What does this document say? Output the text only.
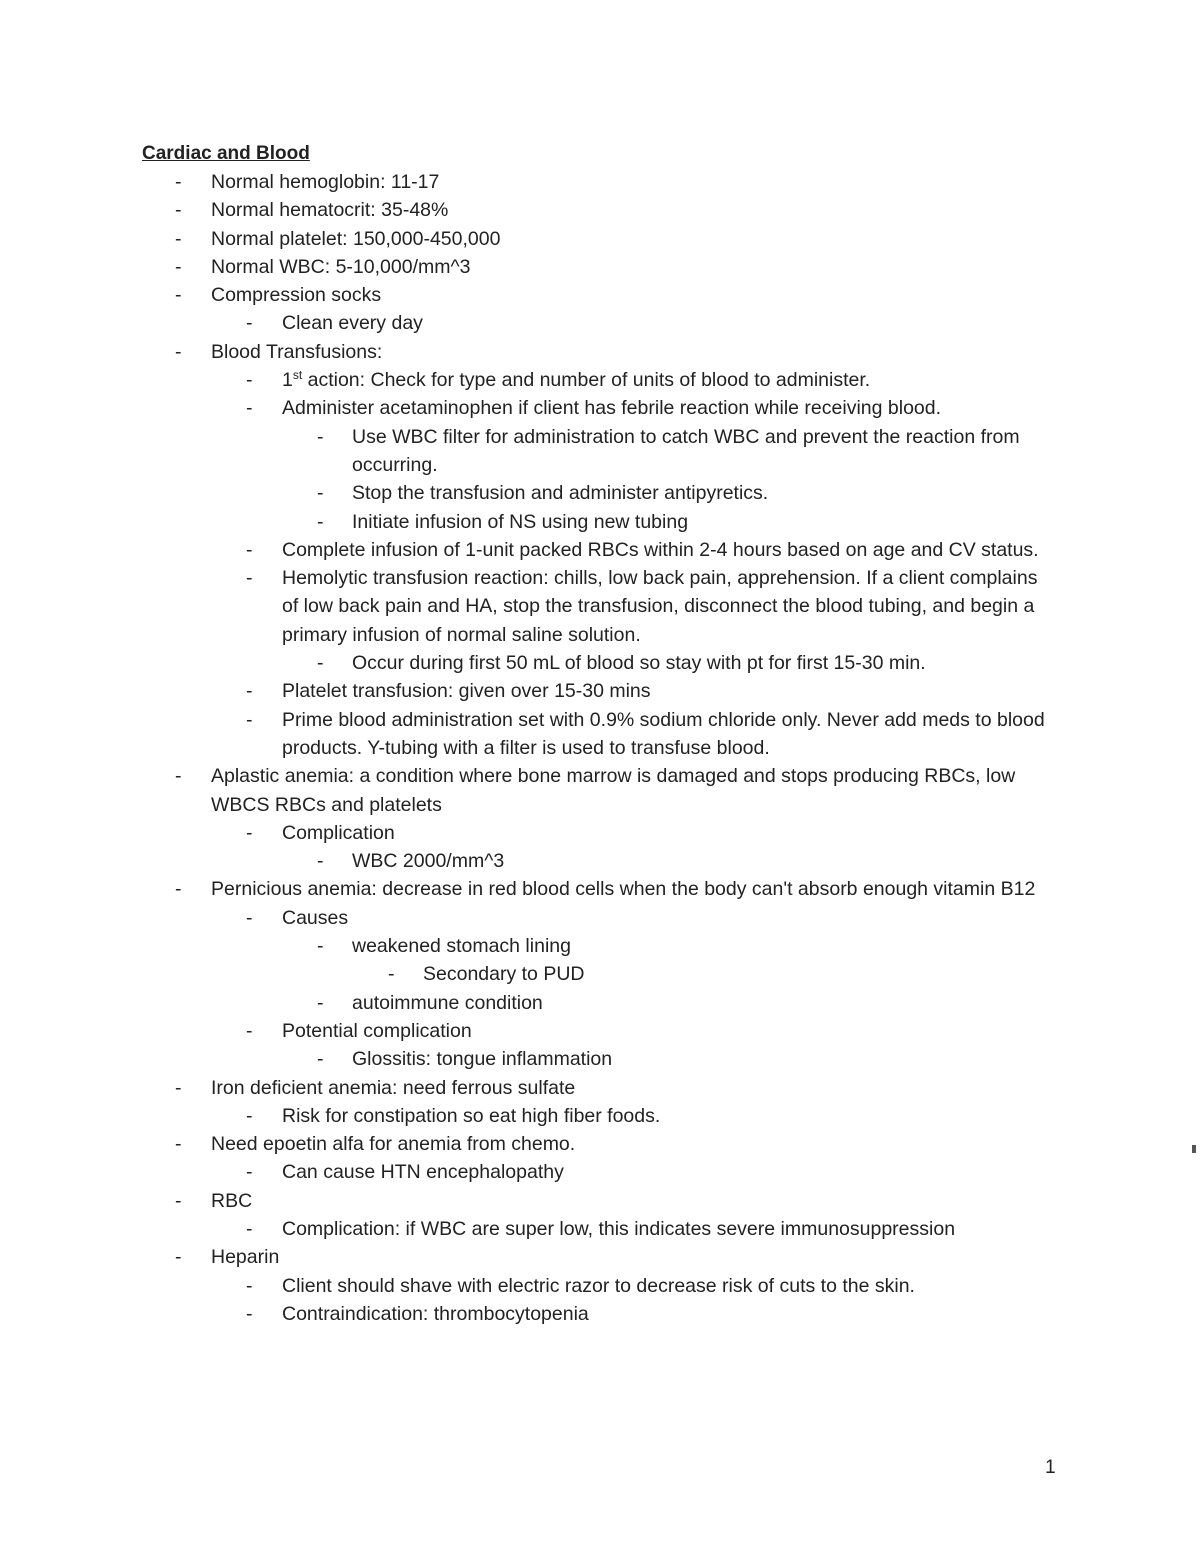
Cardiac and Blood
-	Normal hemoglobin: 11-17
-	Normal hematocrit: 35-48%
-	Normal platelet: 150,000-450,000
-	Normal WBC: 5-10,000/mm^3
-	Compression socks
-	Clean every day
-	Blood Transfusions:
-	1st action: Check for type and number of units of blood to administer.
-	Administer acetaminophen if client has febrile reaction while receiving blood.
-	Use WBC filter for administration to catch WBC and prevent the reaction from occurring.
-	Stop the transfusion and administer antipyretics.
-	Initiate infusion of NS using new tubing
-	Complete infusion of 1-unit packed RBCs within 2-4 hours based on age and CV status.
-	Hemolytic transfusion reaction: chills, low back pain, apprehension. If a client complains of low back pain and HA, stop the transfusion, disconnect the blood tubing, and begin a primary infusion of normal saline solution.
-	Occur during first 50 mL of blood so stay with pt for first 15-30 min.
-	Platelet transfusion: given over 15-30 mins
-	Prime blood administration set with 0.9% sodium chloride only. Never add meds to blood products. Y-tubing with a filter is used to transfuse blood.
-	Aplastic anemia: a condition where bone marrow is damaged and stops producing RBCs, low WBCS RBCs and platelets
-	Complication
-	WBC 2000/mm^3
-	Pernicious anemia: decrease in red blood cells when the body can't absorb enough vitamin B12
-	Causes
-	weakened stomach lining
-	Secondary to PUD
-	autoimmune condition
-	Potential complication
-	Glossitis: tongue inflammation
-	Iron deficient anemia: need ferrous sulfate
-	Risk for constipation so eat high fiber foods.
-	Need epoetin alfa for anemia from chemo.
-	Can cause HTN encephalopathy
-	RBC
-	Complication: if WBC are super low, this indicates severe immunosuppression
-	Heparin
-	Client should shave with electric razor to decrease risk of cuts to the skin.
-	Contraindication: thrombocytopenia
1
